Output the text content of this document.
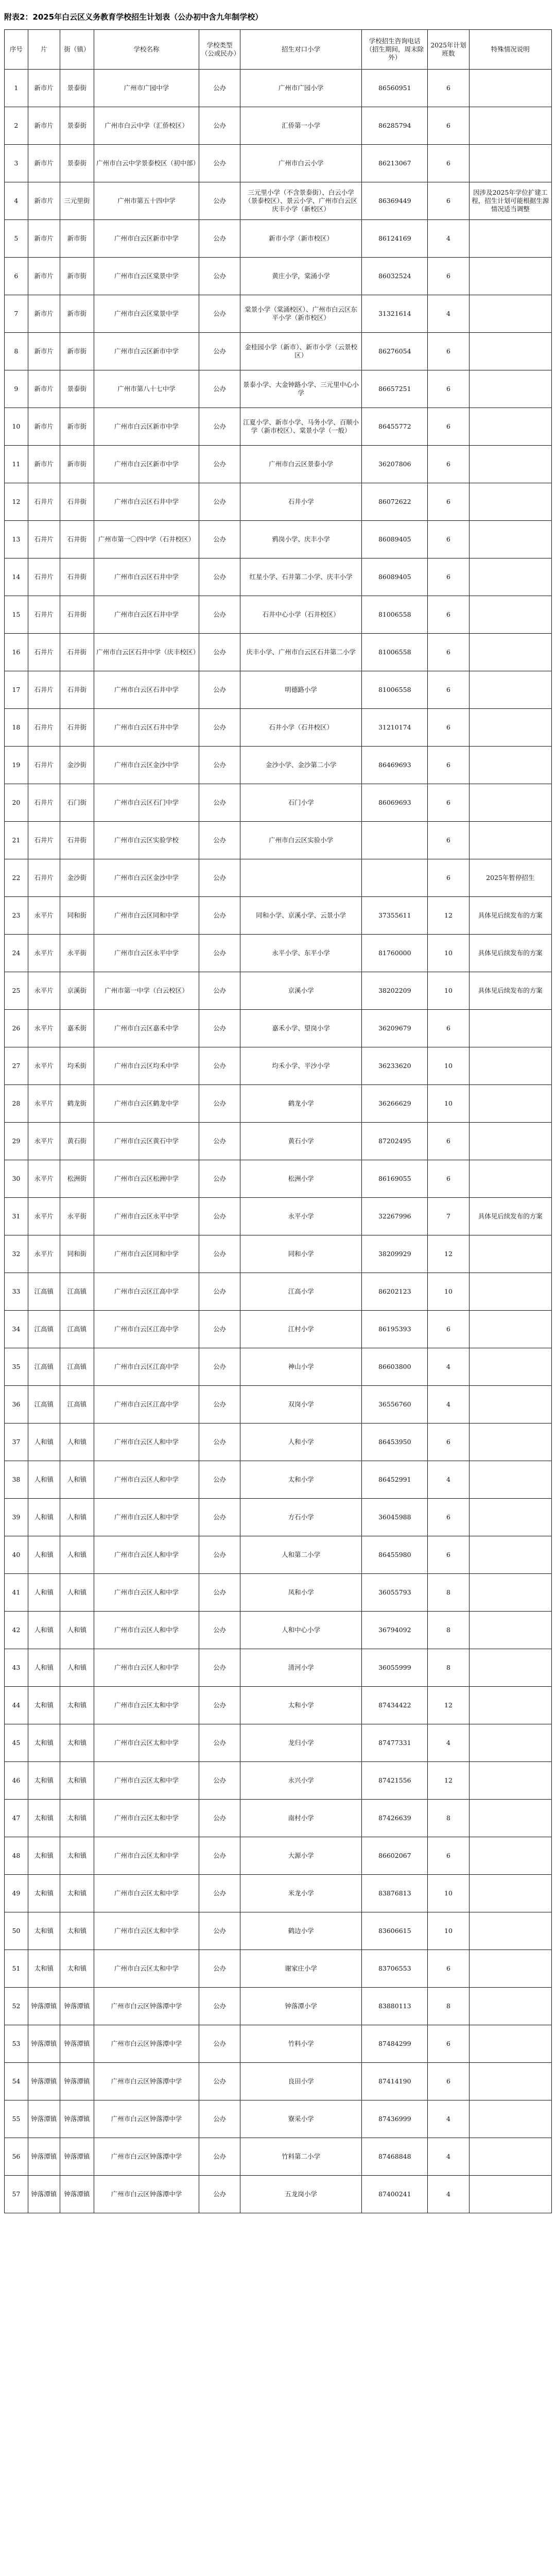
附表2：2025年白云区义务教育学校招生计划表（公办初中含九年制学校）
序号	片	街（镇）	学校名称	学校类型（公或民办）	招生对口小学	学校招生咨询电话（招生期间，周末除外）	2025年计划班数	特殊情况说明
1	新市片	景泰街	广州市广园中学	公办	广州市广园小学	86560951	6	
2	新市片	景泰街	广州市白云中学（汇侨校区）	公办	汇侨第一小学	86285794	6	
3	新市片	景泰街	广州市白云中学景泰校区（初中部）	公办	广州市白云小学	86213067	6	
4	新市片	三元里街	广州市第五十四中学	公办	三元里小学（不含景泰街）、白云小学（景泰校区）、景云小学、广州市白云区庆丰小学（新校区）	86369449	6	因涉及2025年学位扩建工程，招生计划可能根据生源情况适当调整
5	新市片	新市街	广州市白云区新市中学	公办	新市小学（新市校区）	86124169	4	
6	新市片	新市街	广州市白云区棠景中学	公办	黄庄小学，棠涌小学	86032524	6	
7	新市片	新市街	广州市白云区棠景中学	公办	棠景小学（棠涌校区）、广州市白云区东平小学（新市校区）	31321614	4	
8	新市片	新市街	广州市白云区新市中学	公办	金桂园小学（新市）、新市小学（云景校区）	86276054	6	
9	新市片	景泰街	广州市第八十七中学	公办	景泰小学、大金钟路小学、三元里中心小学	86657251	6	
10	新市片	新市街	广州市白云区新市中学	公办	江夏小学、新市小学、马务小学、百顺小学（新市校区）、棠景小学（一般）	86455772	6	
11	新市片	新市街	广州市白云区新市中学	公办	广州市白云区景泰小学	36207806	6	
12	石井片	石井街	广州市白云区石井中学	公办	石井小学	86072622	6	
13	石井片	石井街	广州市第一〇四中学（石井校区）	公办	鸦岗小学、庆丰小学	86089405	6	
14	石井片	石井街	广州市白云区石井中学	公办	红星小学、石井第二小学、庆丰小学	86089405	6	
15	石井片	石井街	广州市白云区石井中学	公办	石井中心小学（石井校区）	81006558	6	
16	石井片	石井街	广州市白云区石井中学（庆丰校区）	公办	庆丰小学、广州市白云区石井第二小学	81006558	6	
17	石井片	石井街	广州市白云区石井中学	公办	明德路小学	81006558	6	
18	石井片	石井街	广州市白云区石井中学	公办	石井小学（石井校区）	31210174	6	
19	石井片	金沙街	广州市白云区金沙中学	公办	金沙小学、金沙第二小学	86469693	6	
20	石井片	石门街	广州市白云区石门中学	公办	石门小学	86069693	6	
21	石井片	石井街	广州市白云区实验学校	公办	广州市白云区实验小学		6	
22	石井片	金沙街	广州市白云区金沙中学	公办			6	2025年暂停招生
23	永平片	同和街	广州市白云区同和中学	公办	同和小学、京溪小学、云景小学	37355611	12	具体见后续发布的方案
24	永平片	永平街	广州市白云区永平中学	公办	永平小学、东平小学	81760000	10	具体见后续发布的方案
25	永平片	京溪街	广州市第一中学（白云校区）	公办	京溪小学	38202209	10	具体见后续发布的方案
26	永平片	嘉禾街	广州市白云区嘉禾中学	公办	嘉禾小学、望岗小学	36209679	6	
27	永平片	均禾街	广州市白云区均禾中学	公办	均禾小学、平沙小学	36233620	10	
28	永平片	鹤龙街	广州市白云区鹤龙中学	公办	鹤龙小学	36266629	10	
29	永平片	黄石街	广州市白云区黄石中学	公办	黄石小学	87202495	6	
30	永平片	松洲街	广州市白云区松洲中学	公办	松洲小学	86169055	6	
31	永平片	永平街	广州市白云区永平中学	公办	永平小学	32267996	7	具体见后续发布的方案
32	永平片	同和街	广州市白云区同和中学	公办	同和小学	38209929	12	
33	江高镇	江高镇	广州市白云区江高中学	公办	江高小学	86202123	10	
34	江高镇	江高镇	广州市白云区江高中学	公办	江村小学	86195393	6	
35	江高镇	江高镇	广州市白云区江高中学	公办	神山小学	86603800	4	
36	江高镇	江高镇	广州市白云区江高中学	公办	双岗小学	36556760	4	
37	人和镇	人和镇	广州市白云区人和中学	公办	人和小学	86453950	6	
38	人和镇	人和镇	广州市白云区人和中学	公办	太和小学	86452991	4	
39	人和镇	人和镇	广州市白云区人和中学	公办	方石小学	36045988	6	
40	人和镇	人和镇	广州市白云区人和中学	公办	人和第二小学	86455980	6	
41	人和镇	人和镇	广州市白云区人和中学	公办	凤和小学	36055793	8	
42	人和镇	人和镇	广州市白云区人和中学	公办	人和中心小学	36794092	8	
43	人和镇	人和镇	广州市白云区人和中学	公办	清河小学	36055999	8	
44	太和镇	太和镇	广州市白云区太和中学	公办	太和小学	87434422	12	
45	太和镇	太和镇	广州市白云区太和中学	公办	龙归小学	87477331	4	
46	太和镇	太和镇	广州市白云区太和中学	公办	永兴小学	87421556	12	
47	太和镇	太和镇	广州市白云区太和中学	公办	南村小学	87426639	8	
48	太和镇	太和镇	广州市白云区太和中学	公办	大源小学	86602067	6	
49	太和镇	太和镇	广州市白云区太和中学	公办	米龙小学	83876813	10	
50	太和镇	太和镇	广州市白云区太和中学	公办	鹤边小学	83606615	10	
51	太和镇	太和镇	广州市白云区太和中学	公办	谢家庄小学	83706553	6	
52	钟落潭镇	钟落潭镇	广州市白云区钟落潭中学	公办	钟落潭小学	83880113	8	
53	钟落潭镇	钟落潭镇	广州市白云区钟落潭中学	公办	竹料小学	87484299	6	
54	钟落潭镇	钟落潭镇	广州市白云区钟落潭中学	公办	良田小学	87414190	6	
55	钟落潭镇	钟落潭镇	广州市白云区钟落潭中学	公办	寮采小学	87436999	4	
56	钟落潭镇	钟落潭镇	广州市白云区钟落潭中学	公办	竹料第二小学	87468848	4	
57	钟落潭镇	钟落潭镇	广州市白云区钟落潭中学	公办	五龙岗小学	87400241	4	
